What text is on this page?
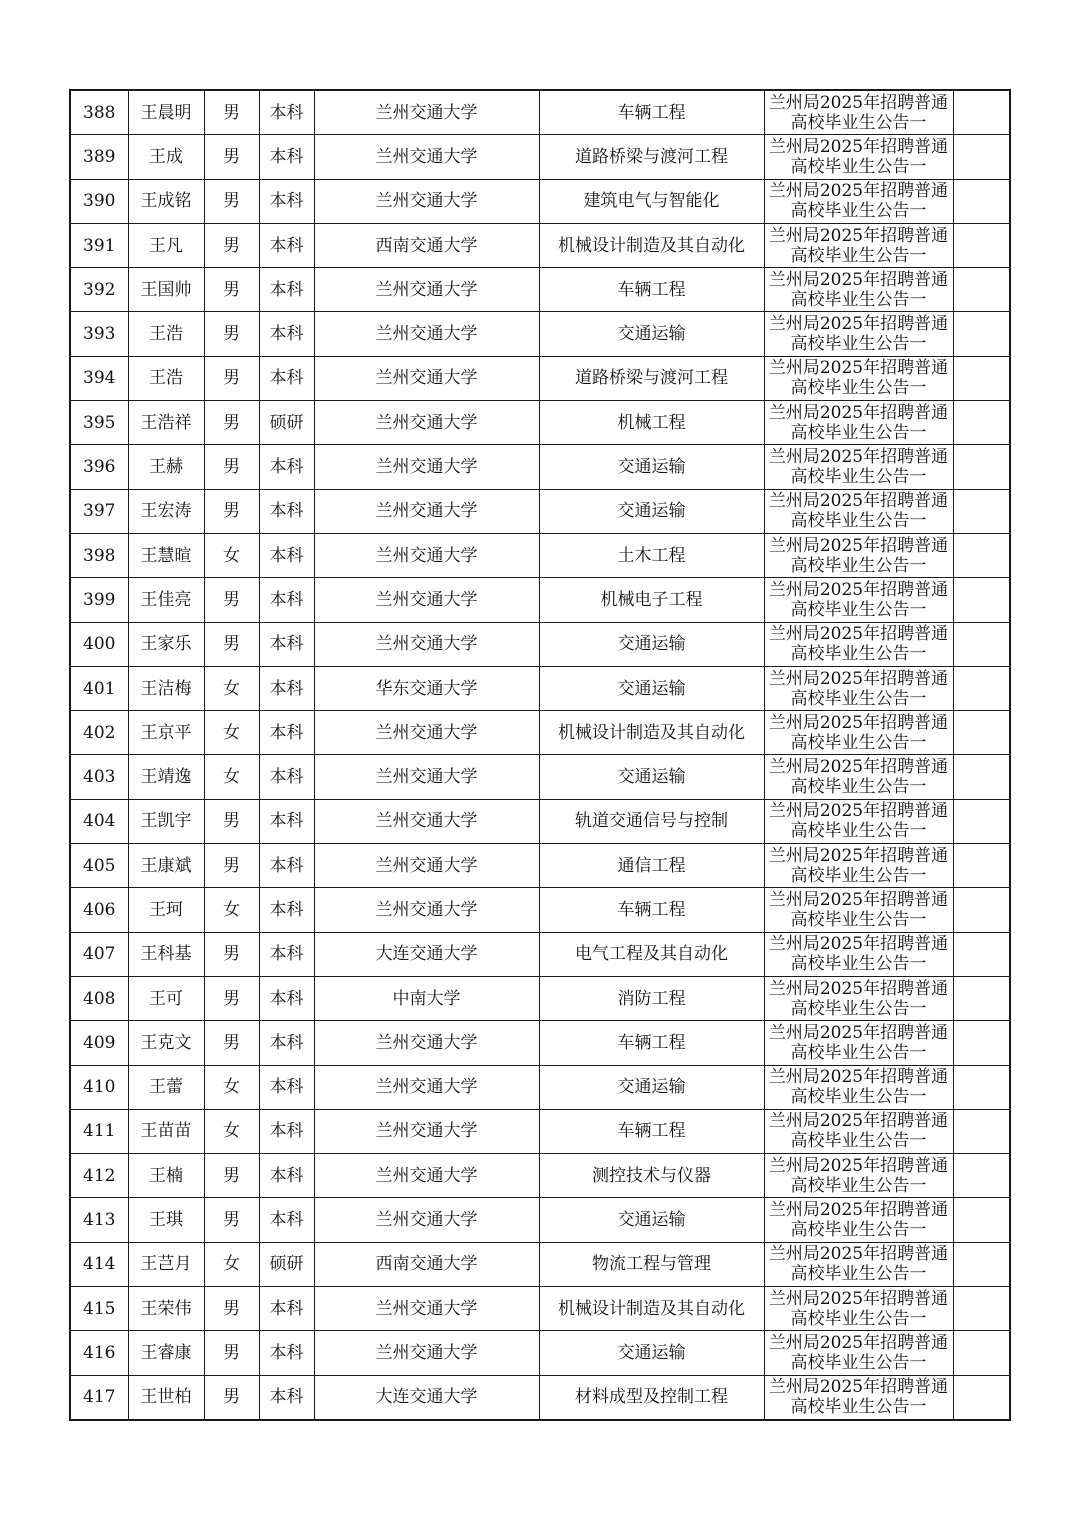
388	王晨明	男	本科	兰州交通大学	车辆工程	兰州局2025年招聘普通
高校毕业生公告一	

389	王成	男	本科	兰州交通大学	道路桥梁与渡河工程	兰州局2025年招聘普通
高校毕业生公告一	

390	王成铭	男	本科	兰州交通大学	建筑电气与智能化	兰州局2025年招聘普通
高校毕业生公告一	

391	王凡	男	本科	西南交通大学	机械设计制造及其自动化	兰州局2025年招聘普通
高校毕业生公告一	

392	王国帅	男	本科	兰州交通大学	车辆工程	兰州局2025年招聘普通
高校毕业生公告一	

393	王浩	男	本科	兰州交通大学	交通运输	兰州局2025年招聘普通
高校毕业生公告一	

394	王浩	男	本科	兰州交通大学	道路桥梁与渡河工程	兰州局2025年招聘普通
高校毕业生公告一	

395	王浩祥	男	硕研	兰州交通大学	机械工程	兰州局2025年招聘普通
高校毕业生公告一	

396	王赫	男	本科	兰州交通大学	交通运输	兰州局2025年招聘普通
高校毕业生公告一	

397	王宏涛	男	本科	兰州交通大学	交通运输	兰州局2025年招聘普通
高校毕业生公告一	

398	王慧暄	女	本科	兰州交通大学	土木工程	兰州局2025年招聘普通
高校毕业生公告一	

399	王佳亮	男	本科	兰州交通大学	机械电子工程	兰州局2025年招聘普通
高校毕业生公告一	

400	王家乐	男	本科	兰州交通大学	交通运输	兰州局2025年招聘普通
高校毕业生公告一	

401	王洁梅	女	本科	华东交通大学	交通运输	兰州局2025年招聘普通
高校毕业生公告一	

402	王京平	女	本科	兰州交通大学	机械设计制造及其自动化	兰州局2025年招聘普通
高校毕业生公告一	

403	王靖逸	女	本科	兰州交通大学	交通运输	兰州局2025年招聘普通
高校毕业生公告一	

404	王凯宇	男	本科	兰州交通大学	轨道交通信号与控制	兰州局2025年招聘普通
高校毕业生公告一	

405	王康斌	男	本科	兰州交通大学	通信工程	兰州局2025年招聘普通
高校毕业生公告一	

406	王珂	女	本科	兰州交通大学	车辆工程	兰州局2025年招聘普通
高校毕业生公告一	

407	王科基	男	本科	大连交通大学	电气工程及其自动化	兰州局2025年招聘普通
高校毕业生公告一	

408	王可	男	本科	中南大学	消防工程	兰州局2025年招聘普通
高校毕业生公告一	

409	王克文	男	本科	兰州交通大学	车辆工程	兰州局2025年招聘普通
高校毕业生公告一	

410	王蕾	女	本科	兰州交通大学	交通运输	兰州局2025年招聘普通
高校毕业生公告一	

411	王苗苗	女	本科	兰州交通大学	车辆工程	兰州局2025年招聘普通
高校毕业生公告一	

412	王楠	男	本科	兰州交通大学	测控技术与仪器	兰州局2025年招聘普通
高校毕业生公告一	

413	王琪	男	本科	兰州交通大学	交通运输	兰州局2025年招聘普通
高校毕业生公告一	

414	王芑月	女	硕研	西南交通大学	物流工程与管理	兰州局2025年招聘普通
高校毕业生公告一	

415	王荣伟	男	本科	兰州交通大学	机械设计制造及其自动化	兰州局2025年招聘普通
高校毕业生公告一	

416	王睿康	男	本科	兰州交通大学	交通运输	兰州局2025年招聘普通
高校毕业生公告一	

417	王世柏	男	本科	大连交通大学	材料成型及控制工程	兰州局2025年招聘普通
高校毕业生公告一	
